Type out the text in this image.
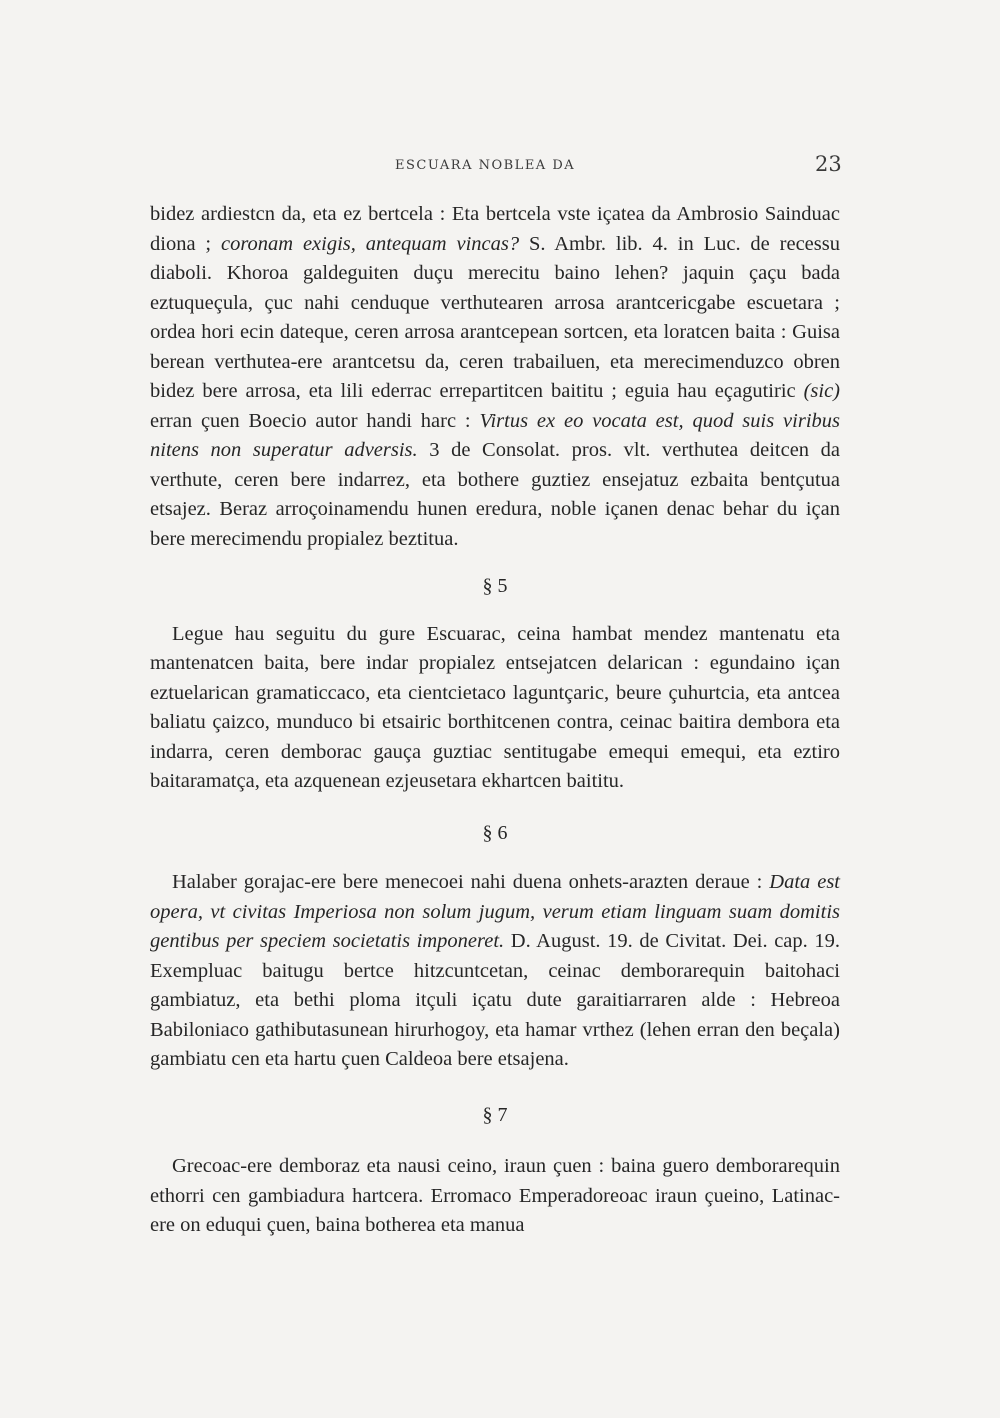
ESCUARA NOBLEA DA	23

bidez ardiestcn da, eta ez bertcela : Eta bertcela vste içatea da Ambrosio Sainduac diona ; coronam exigis, antequam vincas? S. Ambr. lib. 4. in Luc. de recessu diaboli. Khoroa galdeguiten duçu merecitu baino lehen? jaquin çaçu bada eztuqueçula, çuc nahi cenduque verthutearen arrosa arantcericgabe escuetara ; ordea hori ecin dateque, ceren arrosa arantcepean sortcen, eta loratcen baita : Guisa berean verthutea-ere arantcetsu da, ceren trabailuen, eta merecimenduzco obren bidez bere arrosa, eta lili ederrac errepartitcen baititu ; eguia hau eçagutiric (sic) erran çuen Boecio autor handi harc : Virtus ex eo vocata est, quod suis viribus nitens non superatur adversis. 3 de Consolat. pros. vlt. verthutea deitcen da verthute, ceren bere indarrez, eta bothere guztiez ensejatuz ezbaita bentçutua etsajez. Beraz arroçoinamendu hunen eredura, noble içanen denac behar du içan bere merecimendu propialez beztitua.

§ 5

Legue hau seguitu du gure Escuarac, ceina hambat mendez mantenatu eta mantenatcen baita, bere indar propialez entsejatcen delarican : egundaino içan eztuelarican gramaticcaco, eta cientcietaco laguntçaric, beure çuhurtcia, eta antcea baliatu çaizco, munduco bi etsairic borthitcenen contra, ceinac baitira dembora eta indarra, ceren demborac gauça guztiac sentitugabe emequi emequi, eta eztiro baitaramatça, eta azquenean ezjeusetara ekhartcen baititu.

§ 6

Halaber gorajac-ere bere menecoei nahi duena onhets-arazten deraue : Data est opera, vt civitas Imperiosa non solum jugum, verum etiam linguam suam domitis gentibus per speciem societatis imponeret. D. August. 19. de Civitat. Dei. cap. 19. Exempluac baitugu bertce hitzcuntcetan, ceinac demborarequin baitohaci gambiatuz, eta bethi ploma itçuli içatu dute garaitiarraren alde : Hebreoa Babiloniaco gathibutasunean hirurhogoy, eta hamar vrthez (lehen erran den beçala) gambiatu cen eta hartu çuen Caldeoa bere etsajena.

§ 7

Grecoac-ere demboraz eta nausi ceino, iraun çuen : baina guero demborarequin ethorri cen gambiadura hartcera. Erromaco Emperadoreoac iraun çueino, Latinac-ere on eduqui çuen, baina botherea eta manua
